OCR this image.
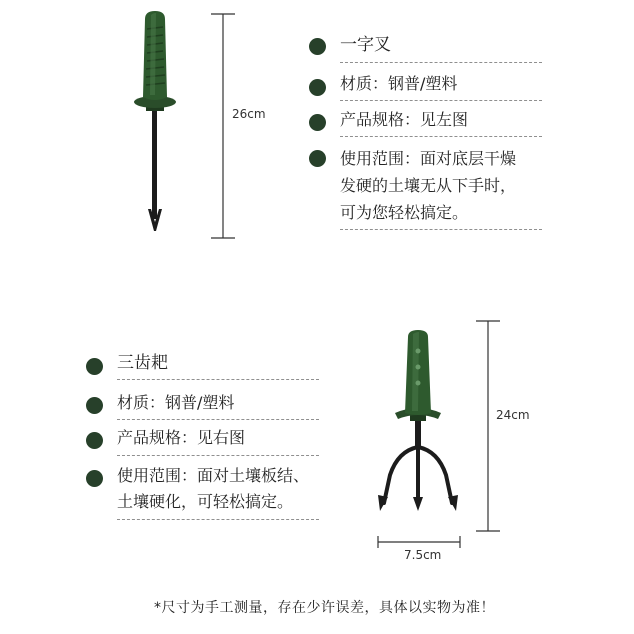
26cm
一字叉
材质：钢普/塑料
产品规格：见左图
使用范围：面对底层干燥
发硬的土壤无从下手时，
可为您轻松搞定。
三齿耙
材质：钢普/塑料
产品规格：见右图
使用范围：面对土壤板结、
土壤硬化，可轻松搞定。
24cm
7.5cm
*尺寸为手工测量，存在少许误差，具体以实物为准！
